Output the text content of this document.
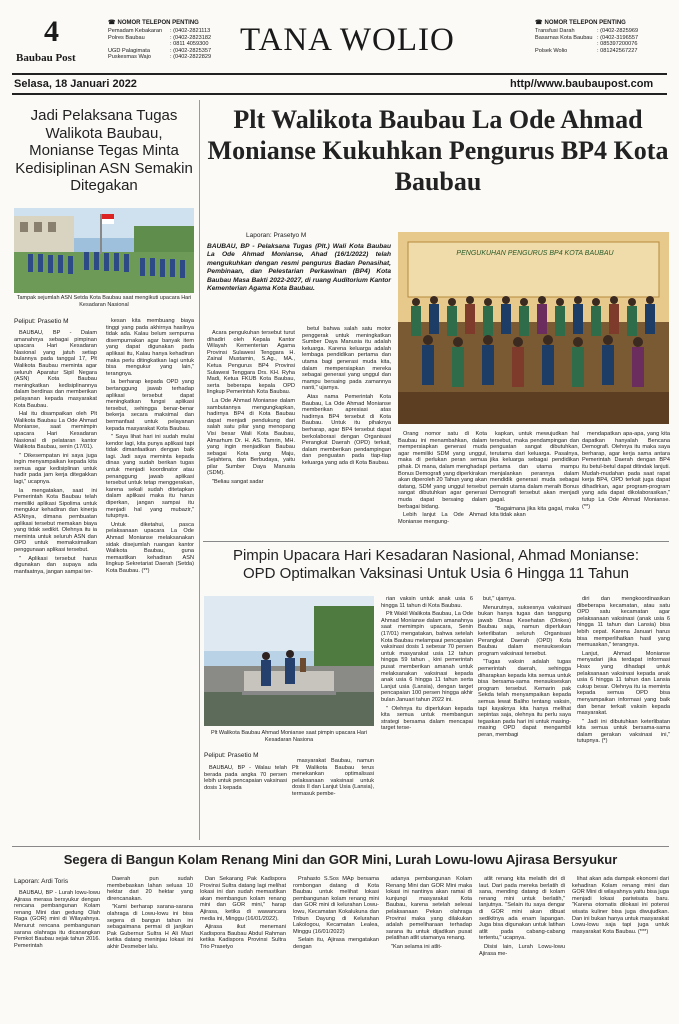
4
Baubau Post
☎ NOMOR TELEPON PENTING
Pemadam Kebakaran	: (0402-2821113
Polres Baubau	: (0402-2823182
: 0811 4059300
UGD Palagimata	: (0402-2825357
Puskesmas Wajo	: (0402-2822829 TANA WOLIO	☎ NOMOR TELEPON PENTING
Transfusi Darah	: (0402-2825969
Basarnas Kota Baubau : (0402-3196557
: 085397200076
Polsek Wolio	: 081242567227
Selasa, 18 Januari 2022	http//www.baubaupost.com
Jadi Pelaksana Tugas Walikota Baubau, Monianse Tegas Minta Kedisiplinan ASN Semakin Ditegakan
Tampak sejumlah ASN Setda Kota Baubau saat mengikuti upacara Hari Kesadaran Nasional
Peliput: Prasetio M

BAUBAU, BP - Dalam amanahnya sebagai pimpinan upacara Hari Kesadaran Nasional yang jatuh setiap bulannya pada tanggal 17, Plt Walikota Baubau meminta agar seluruh Aparatur Sipil Negara (ASN) Kota Baubau meningkatkan kedisiplinannya dalam berdinas dan memberikan pelayanan kepada masyarakat Kota Baubau.

Hal itu disampaikan oleh Plt Walikota Baubau La Ode Ahmad Monianse, saat memimpin upacara Hari Kesadaran Nasional di pelataran kantor Walikota Baubau, senin (17/01).

" Dikesempatan ini saya juga ingin menyampaikan kepada kita semua agar kedisiplinan untuk hadir pada jam kerja ditegakkan lagi," ucapnya.

la mengatakan, saat ini Pemerintah Kota Baubau telah memiliki aplikasi Sipolima untuk mengukur kehadiran dan kinerja ASNnya, dimana pembuatan aplikasi tersebut memakan biaya yang tidak sedikit. Olehnya itu ia meminta untuk seluruh ASN dan OPD untuk memaksimalkan penggunaan aplikasi tersebut.

" Aplikasi tersebut harus digunakan dan supaya ada manfaatnya, jangan sampai ter-

kesan kita membuang biaya tinggi yang pada akhirnya hasilnya tidak ada. Kalau belum sempurna disempurnakan agar banyak item yang dapat digunakan pada aplikasi itu, Kalau hanya kehadiran maka perlu ditingkatkan lagi untuk bisa mengukur yang lain," terangnya.

la berharap kepada OPD yang bertanggung jawab terhadap aplikasi tersebut dapat meningkatkan fungsi aplikasi tersebut, sehingga benar-benar bekerja secara maksimal dan bermanfaat untuk pelayanan kepada masyarakat Kota Baubau.

" Saya lihat hari ini sudah mulai kendor lagi, kita punya aplikasi tapi tidak dimanfaatkan dengan baik lagi. Jadi saya meminta kepada dinas yang sudah berikan tugas untuk menjadi koordinator atau penanggung jawab aplikasi tersebut untuk tetap menggerakan, karena sekali sudah ditetapkan dalam aplikasi maka itu harus diperkan, jangan sampai itu menjadi hal yang mubazir," tutupnya.

Untuk diketahui, pasca pelaksanaan upacara La Ode Ahmad Monianse melaksanakan sidak disejumlah ruangan kantor Walikota Baubau, guna memastikan kehadiran ASN lingkup Sekretariat Daerah (Setda) Kota Baubau. (**)

Plt Walikota Baubau La Ode Ahmad Monianse Kukuhkan Pengurus BP4 Kota Baubau
Laporan: Prasetyo M
BAUBAU, BP - Pelaksana Tugas (Plt.) Wali Kota Baubau La Ode Ahmad Monianse, Ahad (16/1/2022) telah mengukuhkan dengan resmi pengurus Badan Penasihat, Pembinaan, dan Pelestarian Perkawinan (BP4) Kota Baubau Masa Bakti 2022-2027, di ruang Auditorium Kantor Kementerian Agama Kota Baubau.
PENGUKUHAN PENGURUS BP4 KOTA BAUBAU

Acara pengukuhan tersebut turut dihadiri oleh Kepala Kantor Wilayah Kementerian Agama Provinsi Sulawesi Tenggara H. Zainal Mustamin, S.Ag., MA., Ketua Pengurus BP4 Provinsi Sulawesi Tenggara Drs. KH. Ryha Madi, Ketua FKUB Kota Baubau, serta beberapa kepala OPD lingkup Pemerintah Kota Baubau.

La Ode Ahmad Monianse dalam sambutannya mengungkapkan, hadirnya BP4 di Kota Baubau dapat menjadi pendukung dari salah satu pilar yang menopang Visi besar Wali Kota Baubau, Almarhum Dr. H. AS. Tamrin, MH. yang ingin menjadikan Baubau sebagai Kota yang Maju, Sejahtera, dan Berbudaya, yaitu pilar Sumber Daya Manusia (SDM).

"Beliau sangat sadar

betul bahwa salah satu motor penggerak untuk meningkatkan Sumber Daya Manusia itu adalah keluarga. Karena keluarga adalah lembaga pendidikan pertama dan utama bagi generasi muda kita, dalam mempersiapkan mereka sebagai generasi yang unggul dan mampu bersaing pada zamannya nanti," ujarnya.

Atas nama Pemerintah Kota Baubau, La Ode Ahmad Monianse memberikan apresiasi atas hadirnya BP4 tersebut di Kota Baubau. Untuk itu pihaknya berharap, agar BP4 tersebut dapat berkolaborasi dengan Organisasi Perangkat Daerah (OPD) terkait, dalam memberikan pendampingan dan penguatan pada tiap-tiap keluarga yang ada di Kota Baubau.

Orang nomor satu di Kota Baubau ini menambahkan, dalam mempersiapkan generasi muda agar memiliki SDM yang unggul, maka di perlukan peran semua pihak. Di mana, dalam menghadapi Bonus Demografi yang diperkirakan akan diperoleh 20 Tahun yang akan datang, SDM yang unggul tersebut sangat dibutuhkan agar generasi muda dapat bersaing dalam berbagai bidang.

Lebih lanjut La Ode Ahmad Monianse mengung-

kapkan, untuk mewujudkan hal tersebut, maka pendampingan dan penguatan sangat dibutuhkan, terutama dari keluarga. Pasalnya, jika keluarga sebagai pendidikan pertama dan utama mampu menjalankan perannya dalam mendidik generasi muda sebagai pemain utama dalam meraih Bonus Demografi tersebut akan menjadi gagal.

"Bagaimana jika kita gagal, maka kita tidak akan

mendapatkan apa-apa, yang kita dapatkan hanyalah Bencana Demografi. Olehnya itu maka saya berharap, agar kerja sama antara Pemerintah Daerah dengan BP4 itu betul-betul dapat ditindak lanjuti. Mudah-mudahan pada saat rapat kerja BP4, OPD terkait juga dapat dihadirkan, agar program-program yang ada dapat dikolaborasikan," tutup La Ode Ahmad Monianse. (**)

Pimpin Upacara Hari Kesadaran Nasional, Ahmad Monianse:
OPD Optimalkan Vaksinasi Untuk Usia 6 Hingga 11 Tahun
Plt Walikota Baubau Ahmad Monianse saat pimpin upacara Hari Kesadaran Nasiona
Peliput: Prasetio M

BAUBAU, BP - Walau telah berada pada angka 70 persen lebih untuk pencapaian vaksinasi dosis 1 kepada

masyarakat Baubau, namun Plt Walikota Baubau terus menekankan optimalisasi pelaksanaan vaksinasi untuk dosis II dan Lanjut Usia (Lansia), termasuk pembe-

rian vaksin untuk anak usia 6 hingga 11 tahun di Kota Baubau.

Plt Wakil Walikota Baubau, La Ode Ahmad Monianse dalam amanahnya saat memimpin upacara, Senin (17/01) mengatakan, bahwa setelah Kota Baubau melampaui pencapaian vaksinasi dosis 1 sebesar 70 persen untuk masyarakat usia 12 tahun hingga 59 tahun , kini pemerintah pusat memberikan amanah untuk melaksanakan vaksinasi kepada anak usia 6 hingga 11 tahun serta Lanjut usia (Lansia), dengan target pencapaian 100 persen hingga akhir bulan Januari tahun 2022 ini.

" Olehnya itu diperlukan kepada kita semua untuk membangun strategi bersama dalam mencapai target terse-

but," ujarnya.

Menurutnya, suksesnya vaksinasi bukan hanya tugas dan tanggung jawab Dinas Kesehatan (Dinkes) Baubau saja, namun diperlukan keterlibatan seluruh Organisasi Perangkat Daerah (OPD) Kota Baubau dalam mensukseskan program vaksinasi tersebut.

"Tugas vaksin adalah tugas pemerintah daerah, sehingga diharapkan kepada kita semua untuk bisa bersama-sama mensukseskan program tersebut. Kemarin pak Sekda telah menyampaikan kepada semua lewat Baliho tentang vaksin, tapi kayaknya kita hanya melihat sepintas saja, olehnya itu perlu saya tegaskan pada hari ini untuk masing-masing OPD dapat mengambil peran, membagi

diri dan mengkoordinasikan dibeberapa kecamatan, atau satu OPD satu kecamatan agar pelaksanaan vaksinasi (anak usia 6 hingga 11 tahun dan Lansia) bisa lebih cepat. Karena Januari harus bisa memperlihatkan hasil yang memuaskan," terangnya.

Lanjut, Ahmad Monianse menyadari jika terdapat informasi Hoax yang dihadapi untuk pelaksanaan vaksinasi kepada anak usia 6 hingga 11 tahun dan Lansia cukup besar. Olehnya itu ia meminta kepada semua OPD bisa menyampaikan informasi yang baik dan benar terkait vaksin kepada masyarakat.

" Jadi ini dibutuhkan keterlibatan kita semua untuk bersama-sama dalam gerakan vaksinasi ini," tutupnya. (*)

Segera di Bangun Kolam Renang Mini dan GOR Mini, Lurah Lowu-lowu Ajirasa Bersyukur
Laporan: Ardi Toris

BAUBAU, BP - Lurah lowu-lowu Ajirasa merasa bersyukur dengan rencana pembangunan Kolam renang Mini dan gedung Olah Raga (GOR) mini di Wilayahnya. Menurut rencana pembangunan sarana olahraga itu dicanangkan Pemkot Baubau sejak tahun 2016. Pemerintah

Daerah pun sudah membebaskan lahan seluas 10 hektar dari 20 hektar yang direncanakan.

"Kami berharap sarana-sarana olahraga di Lowu-lowu ini bisa segera di bangun tahun ini sebagaimana permai di janjikan Pak Gubernur Sultra H Ali Mazi ketika datang meninjau lokasi ini akhir Desmeber lalu.

Dan Sekarang Pak Kadispora Provinsi Sultra datang lagi melihat lokasi ini dan sudah memastikan akan membangun kolam renang mini dan GOR mini," harap Ajirasa, ketika di wawancara media ini, Minggu (16/01/2022).

Ajirasa ikut menemani Kadispora Baubau Abdul Rahman ketika Kadispora Provinsi Sultra Trio Prasetyo

Prahasto S.Sos MAp bersama rombongan datang di Kota Baubau untuk melihat lokasi pembangunan kolam renang mini dan GOR mini di kelurahan Lowu-lowu, Kecamatan Kokalukuna dan Tribun Dayung di Kelurahan Lakologou, Kecamatan Lealea, Minggu (16/01/2022)

Selain itu, Ajirasa mengatakan dengan

adanya pembangunan Kolam Renang Mini dan GOR Mini maka lokasi ini nantinya akan ramai di kunjungi masyarakat Kota Baubau, karena setelah selesai pelaksanaan Pekan olahraga Provinsi maka yang dilakukan adalah pemeliharaan terhadap sarana itu untuk dijadikan pusat pelatihan atlit utamanya renang.

"Kan selama ini atlit-

atlit renang kita melatih diri di laut. Dari pada mereka berlatih di sana, mending datang di kolam renang mini untuk berlatih," lanjutnya. "Selain itu saya dengar di GOR mini akan dibuat sedikitnya ada enam lapangan. Juga bisa digunakan untuk latihan atlit pada cabang-cabang tertentu," ucapnya.

Disisi lain, Lurah Lowu-lowu Ajirasa me-

lihat akan ada dampak ekonomi dari kehadiran Kolam renang mini dan GOR Mini di wilayahnya yaitu bisa juga menjadi lokasi pariwisata baru. "Karena otomatis dilokasi ini potensi wisata kuliner bisa juga diwujudkan. Dan ini bukan hanya untuk masyarakat Lowu-lowu saja tapi juga untuk masyarakat Kota Baubau. (***)
